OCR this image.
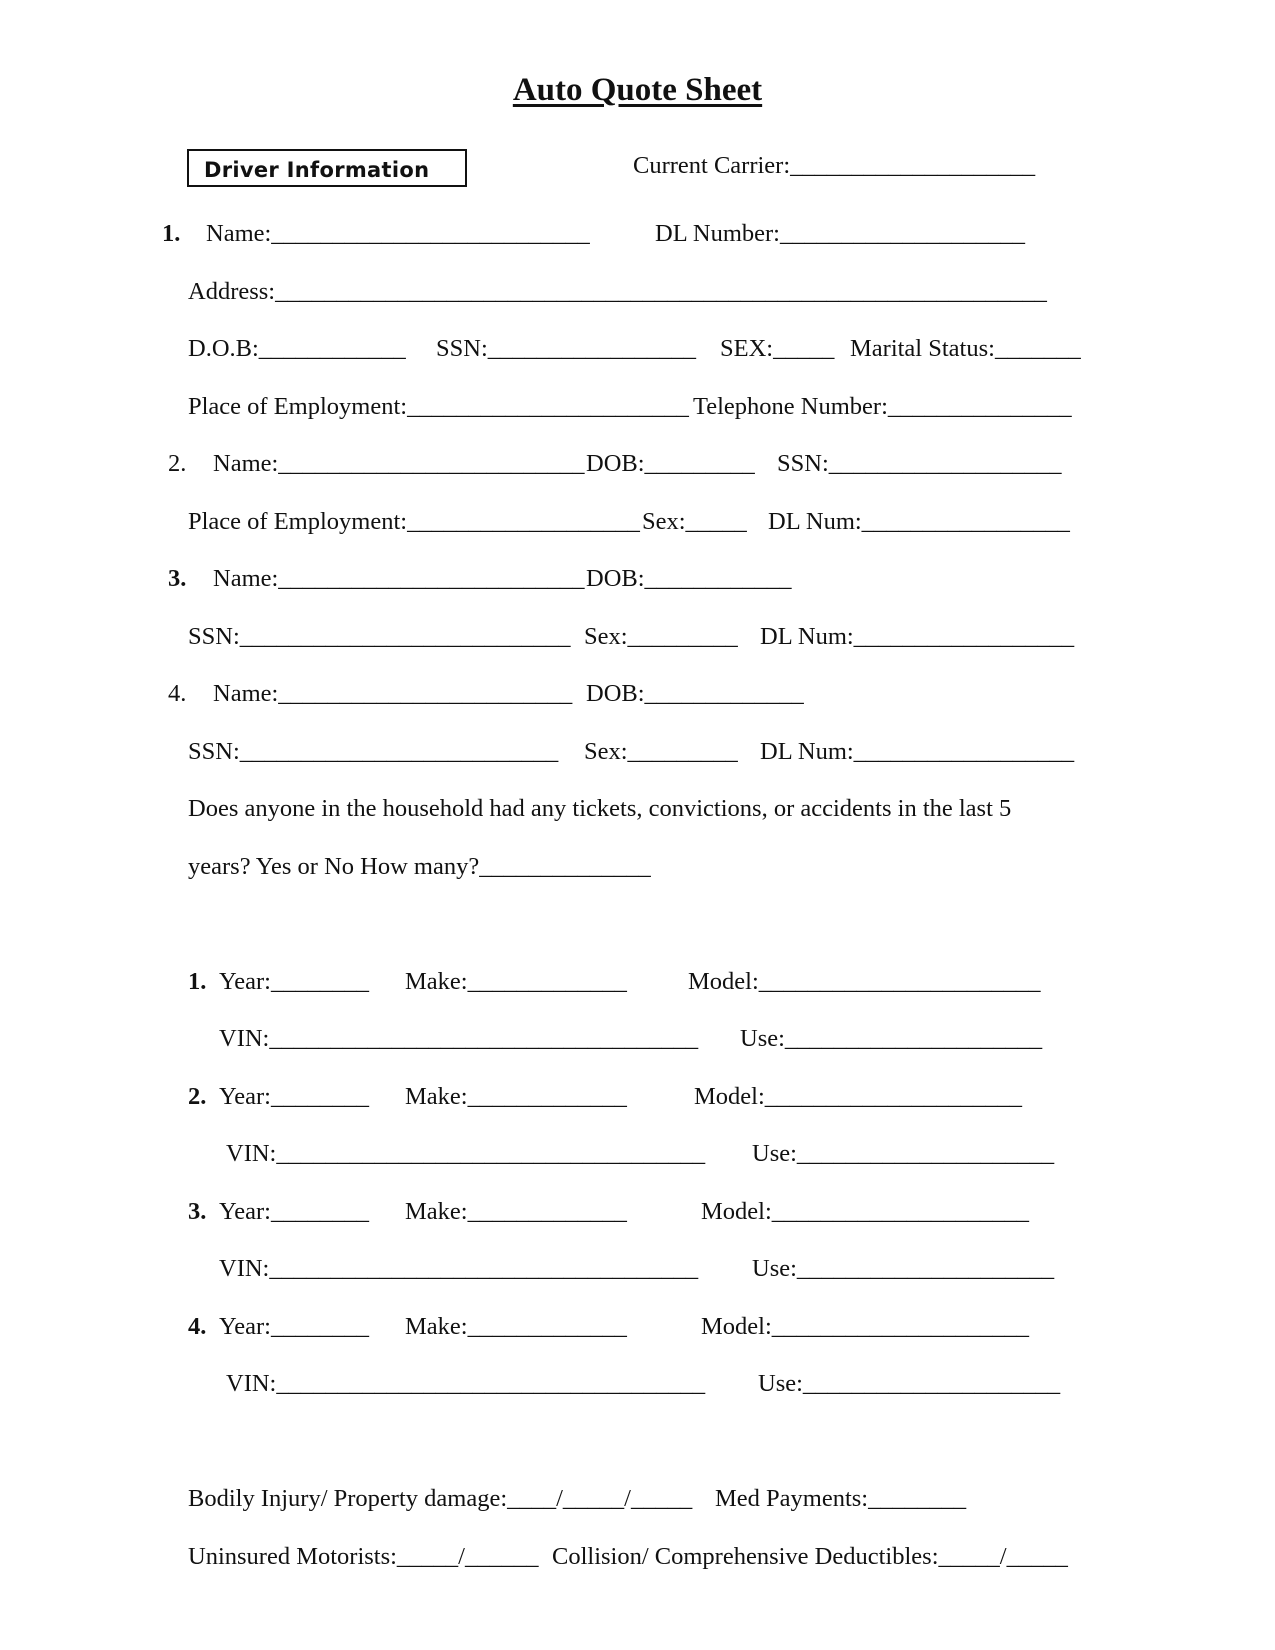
Auto Quote Sheet
Driver Information	Current Carrier:____________________
1. Name:__________________________	DL Number:____________________
Address:_______________________________________________________________
D.O.B:____________ SSN:_________________ SEX:_____ Marital Status:_______
Place of Employment:_______________________ Telephone Number:_______________
2. Name:_________________________ DOB:_________ SSN:___________________
Place of Employment:___________________ Sex:_____ DL Num:_________________
3. Name:_________________________ DOB:____________
SSN:___________________________ Sex:_________ DL Num:__________________
4. Name:________________________ DOB:_____________
SSN:__________________________ Sex:_________ DL Num:__________________
Does anyone in the household had any tickets, convictions, or accidents in the last 5
years? Yes or No How many?______________
1. Year:________ Make:_____________ Model:_______________________
VIN:___________________________________ Use:_____________________
2. Year:________ Make:_____________	Model:_____________________
VIN:___________________________________ Use:_____________________
3. Year:________ Make:_____________	Model:_____________________
VIN:___________________________________ Use:_____________________
4. Year:________ Make:_____________	Model:_____________________
VIN:___________________________________ Use:_____________________
Bodily Injury/ Property damage:____/_____/_____ Med Payments:________
Uninsured Motorists:_____/______ Collision/ Comprehensive Deductibles:_____/_____
